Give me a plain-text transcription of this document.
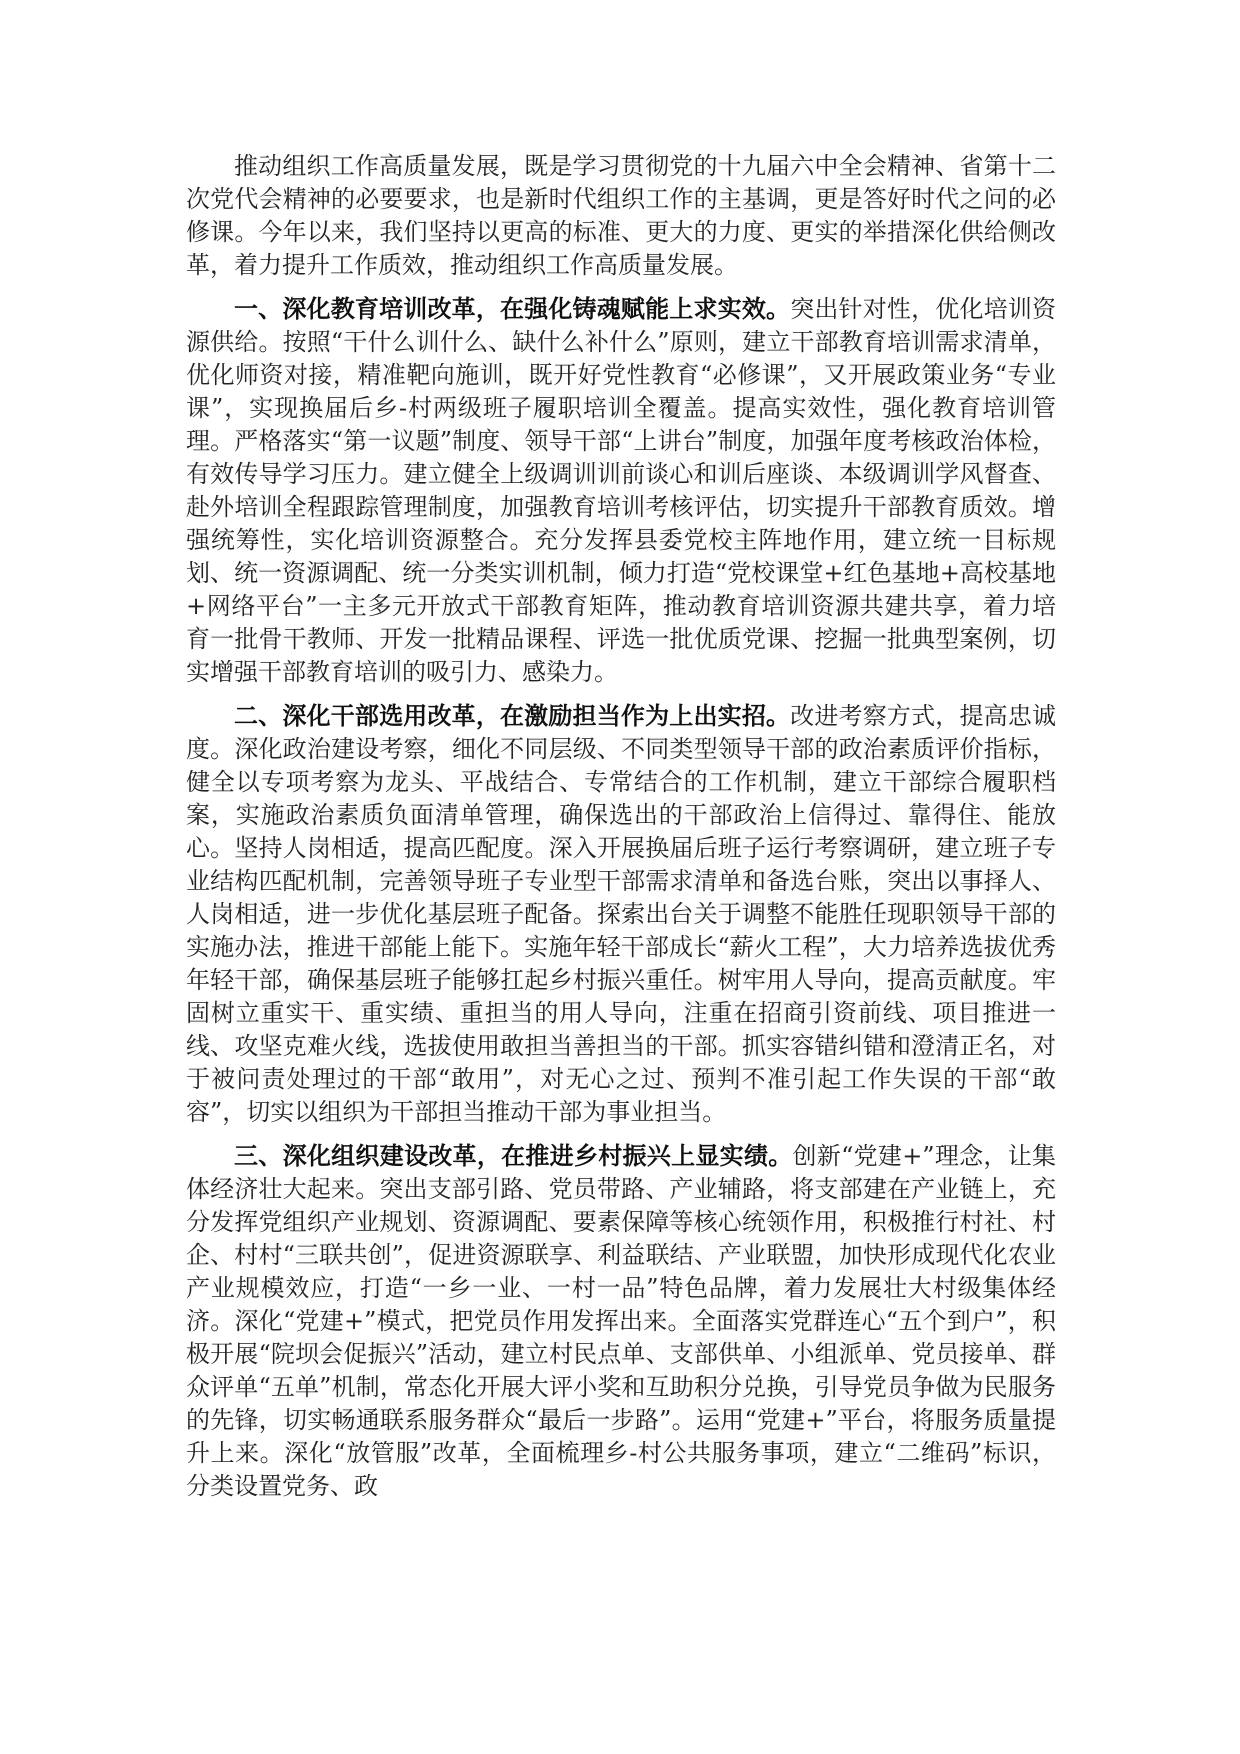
推动组织工作高质量发展，既是学习贯彻党的十九届六中全会精神、省第十二次党代会精神的必要要求，也是新时代组织工作的主基调，更是答好时代之问的必修课。今年以来，我们坚持以更高的标准、更大的力度、更实的举措深化供给侧改革，着力提升工作质效，推动组织工作高质量发展。

一、深化教育培训改革，在强化铸魂赋能上求实效。突出针对性，优化培训资源供给。按照“干什么训什么、缺什么补什么”原则，建立干部教育培训需求清单，优化师资对接，精准靶向施训，既开好党性教育“必修课”，又开展政策业务“专业课”，实现换届后乡-村两级班子履职培训全覆盖。提高实效性，强化教育培训管理。严格落实“第一议题”制度、领导干部“上讲台”制度，加强年度考核政治体检，有效传导学习压力。建立健全上级调训训前谈心和训后座谈、本级调训学风督查、赴外培训全程跟踪管理制度，加强教育培训考核评估，切实提升干部教育质效。增强统筹性，实化培训资源整合。充分发挥县委党校主阵地作用，建立统一目标规划、统一资源调配、统一分类实训机制，倾力打造“党校课堂+红色基地+高校基地+网络平台”一主多元开放式干部教育矩阵，推动教育培训资源共建共享，着力培育一批骨干教师、开发一批精品课程、评选一批优质党课、挖掘一批典型案例，切实增强干部教育培训的吸引力、感染力。

二、深化干部选用改革，在激励担当作为上出实招。改进考察方式，提高忠诚度。深化政治建设考察，细化不同层级、不同类型领导干部的政治素质评价指标，健全以专项考察为龙头、平战结合、专常结合的工作机制，建立干部综合履职档案，实施政治素质负面清单管理，确保选出的干部政治上信得过、靠得住、能放心。坚持人岗相适，提高匹配度。深入开展换届后班子运行考察调研，建立班子专业结构匹配机制，完善领导班子专业型干部需求清单和备选台账，突出以事择人、人岗相适，进一步优化基层班子配备。探索出台关于调整不能胜任现职领导干部的实施办法，推进干部能上能下。实施年轻干部成长“薪火工程”，大力培养选拔优秀年轻干部，确保基层班子能够扛起乡村振兴重任。树牢用人导向，提高贡献度。牢固树立重实干、重实绩、重担当的用人导向，注重在招商引资前线、项目推进一线、攻坚克难火线，选拔使用敢担当善担当的干部。抓实容错纠错和澄清正名，对于被问责处理过的干部“敢用”，对无心之过、预判不准引起工作失误的干部“敢容”，切实以组织为干部担当推动干部为事业担当。

三、深化组织建设改革，在推进乡村振兴上显实绩。创新“党建+”理念，让集体经济壮大起来。突出支部引路、党员带路、产业辅路，将支部建在产业链上，充分发挥党组织产业规划、资源调配、要素保障等核心统领作用，积极推行村社、村企、村村“三联共创”，促进资源联享、利益联结、产业联盟，加快形成现代化农业产业规模效应，打造“一乡一业、一村一品”特色品牌，着力发展壮大村级集体经济。深化“党建+”模式，把党员作用发挥出来。全面落实党群连心“五个到户”，积极开展“院坝会促振兴”活动，建立村民点单、支部供单、小组派单、党员接单、群众评单“五单”机制，常态化开展大评小奖和互助积分兑换，引导党员争做为民服务的先锋，切实畅通联系服务群众“最后一步路”。运用“党建+”平台，将服务质量提升上来。深化“放管服”改革，全面梳理乡-村公共服务事项，建立“二维码”标识，分类设置党务、政
